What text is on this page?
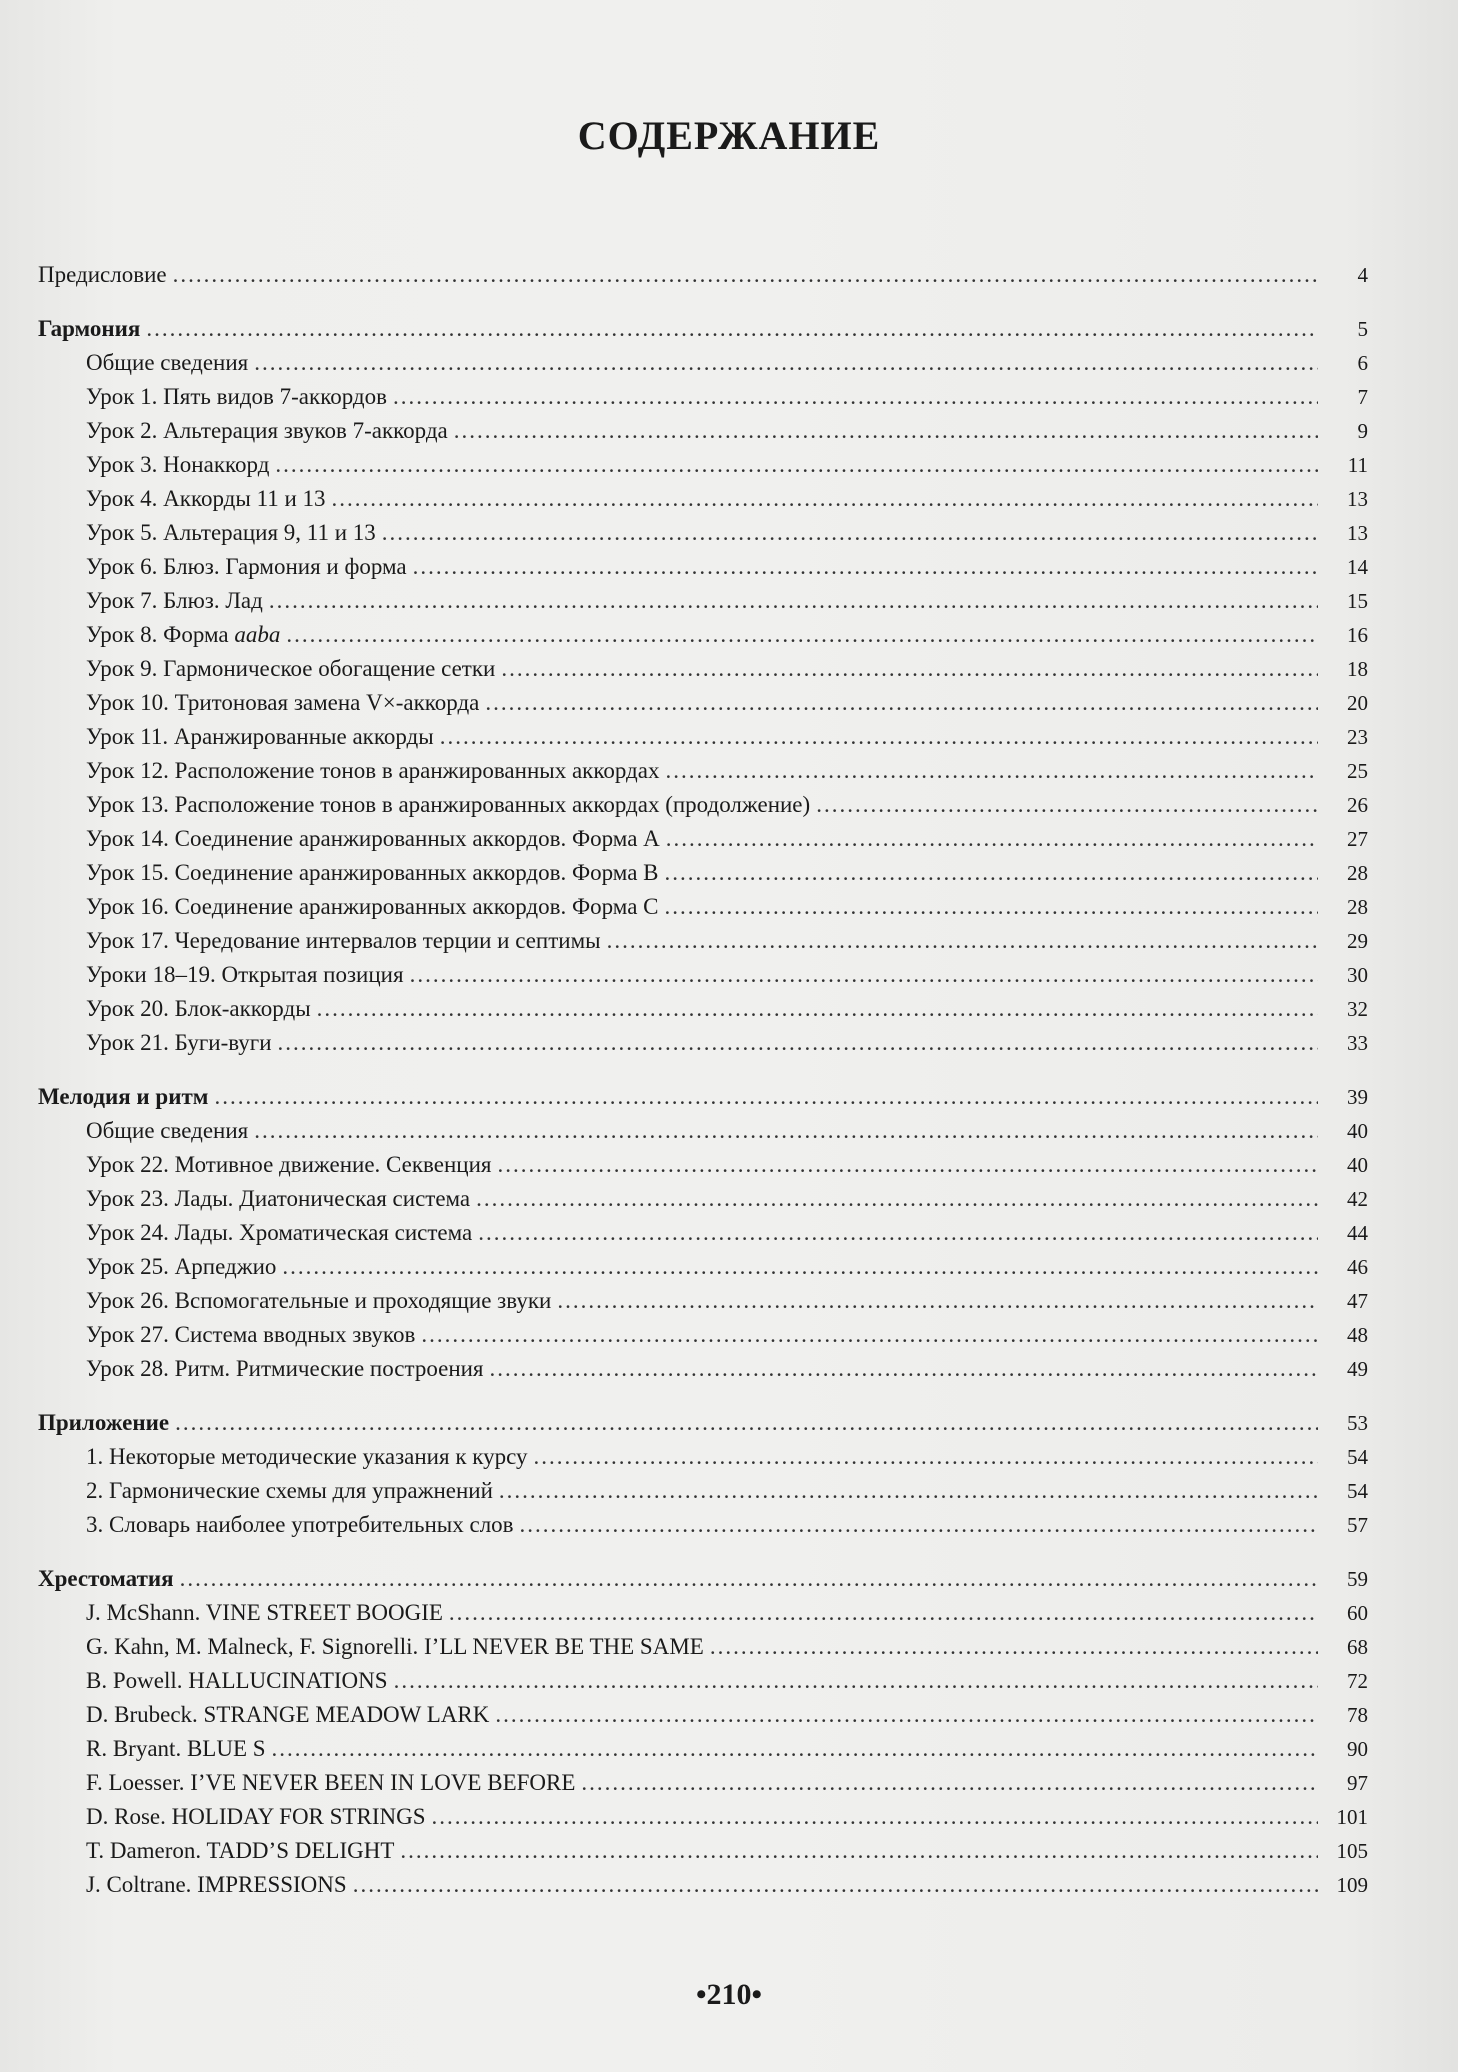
СОДЕРЖАНИЕ
Предисловие .....	4
Гармония .....	5
Общие сведения .....	6
Урок 1. Пять видов 7-аккордов .....	7
Урок 2. Альтерация звуков 7-аккорда .....	9
Урок 3. Нонаккорд .....	11
Урок 4. Аккорды 11 и 13 .....	13
Урок 5. Альтерация 9, 11 и 13 .....	13
Урок 6. Блюз. Гармония и форма .....	14
Урок 7. Блюз. Лад .....	15
Урок 8. Форма aaba .....	16
Урок 9. Гармоническое обогащение сетки .....	18
Урок 10. Тритоновая замена V×-аккорда .....	20
Урок 11. Аранжированные аккорды .....	23
Урок 12. Расположение тонов в аранжированных аккордах .....	25
Урок 13. Расположение тонов в аранжированных аккордах (продолжение) .....	26
Урок 14. Соединение аранжированных аккордов. Форма А .....	27
Урок 15. Соединение аранжированных аккордов. Форма В .....	28
Урок 16. Соединение аранжированных аккордов. Форма С .....	28
Урок 17. Чередование интервалов терции и септимы .....	29
Уроки 18–19. Открытая позиция .....	30
Урок 20. Блок-аккорды .....	32
Урок 21. Буги-вуги .....	33
Мелодия и ритм .....	39
Общие сведения .....	40
Урок 22. Мотивное движение. Секвенция .....	40
Урок 23. Лады. Диатоническая система .....	42
Урок 24. Лады. Хроматическая система .....	44
Урок 25. Арпеджио .....	46
Урок 26. Вспомогательные и проходящие звуки .....	47
Урок 27. Система вводных звуков .....	48
Урок 28. Ритм. Ритмические построения .....	49
Приложение .....	53
1. Некоторые методические указания к курсу .....	54
2. Гармонические схемы для упражнений .....	54
3. Словарь наиболее употребительных слов .....	57
Хрестоматия .....	59
J. McShann. VINE STREET BOOGIE .....	60
G. Kahn, M. Malneck, F. Signorelli. I’LL NEVER BE THE SAME .....	68
B. Powell. HALLUCINATIONS .....	72
D. Brubeck. STRANGE MEADOW LARK .....	78
R. Bryant. BLUE S .....	90
F. Loesser. I’VE NEVER BEEN IN LOVE BEFORE .....	97
D. Rose. HOLIDAY FOR STRINGS .....	101
T. Dameron. TADD’S DELIGHT .....	105
J. Coltrane. IMPRESSIONS .....	109
•210•
